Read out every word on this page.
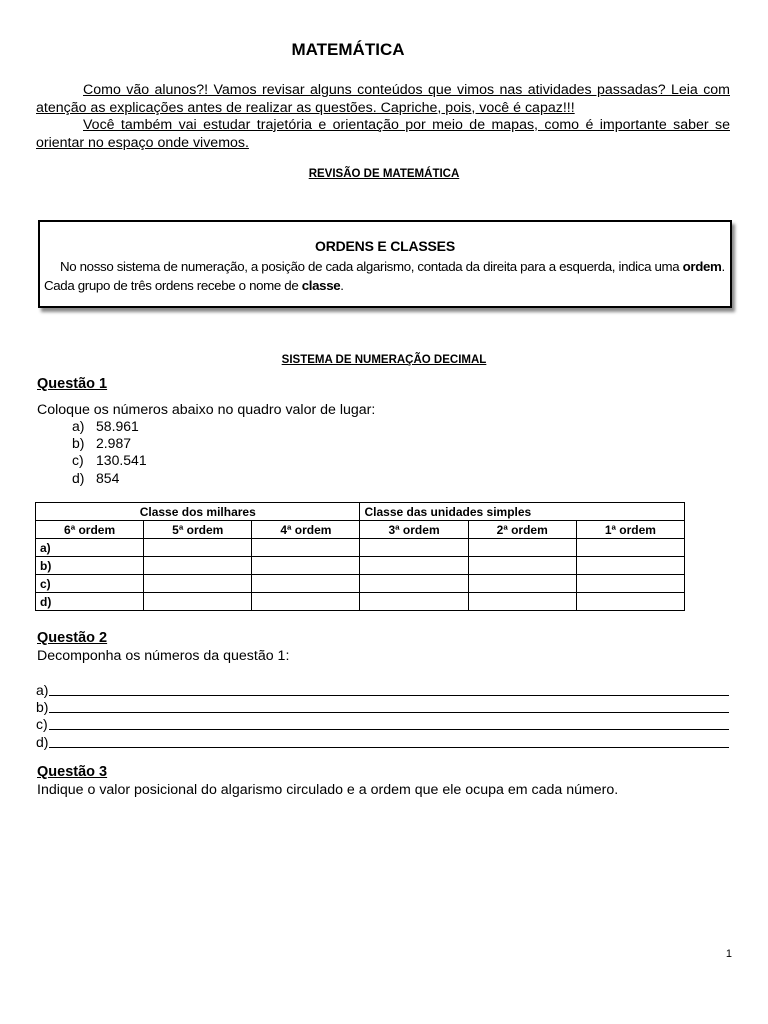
MATEMÁTICA

Como vão alunos?! Vamos revisar alguns conteúdos que vimos nas atividades passadas? Leia com atenção as explicações antes de realizar as questões. Capriche, pois, você é capaz!!!

Você também vai estudar trajetória e orientação por meio de mapas, como é importante saber se orientar no espaço onde vivemos.

REVISÃO DE MATEMÁTICA
ORDENS E CLASSES
No nosso sistema de numeração, a posição de cada algarismo, contada da direita para a esquerda, indica uma ordem.
Cada grupo de três ordens recebe o nome de classe.
SISTEMA DE NUMERAÇÃO DECIMAL
Questão 1
Coloque os números abaixo no quadro valor de lugar:
a) 58.961
b) 2.987
c) 130.541
d) 854
Classe dos milhares			Classe das unidades simples		
6ª ordem	5ª ordem	4ª ordem	3ª ordem	2ª ordem	1ª ordem
a)					
b)					
c)					
d)					
Questão 2
Decomponha os números da questão 1:
a)
b)
c)
d)
Questão 3
Indique o valor posicional do algarismo circulado e a ordem que ele ocupa em cada número.
1
